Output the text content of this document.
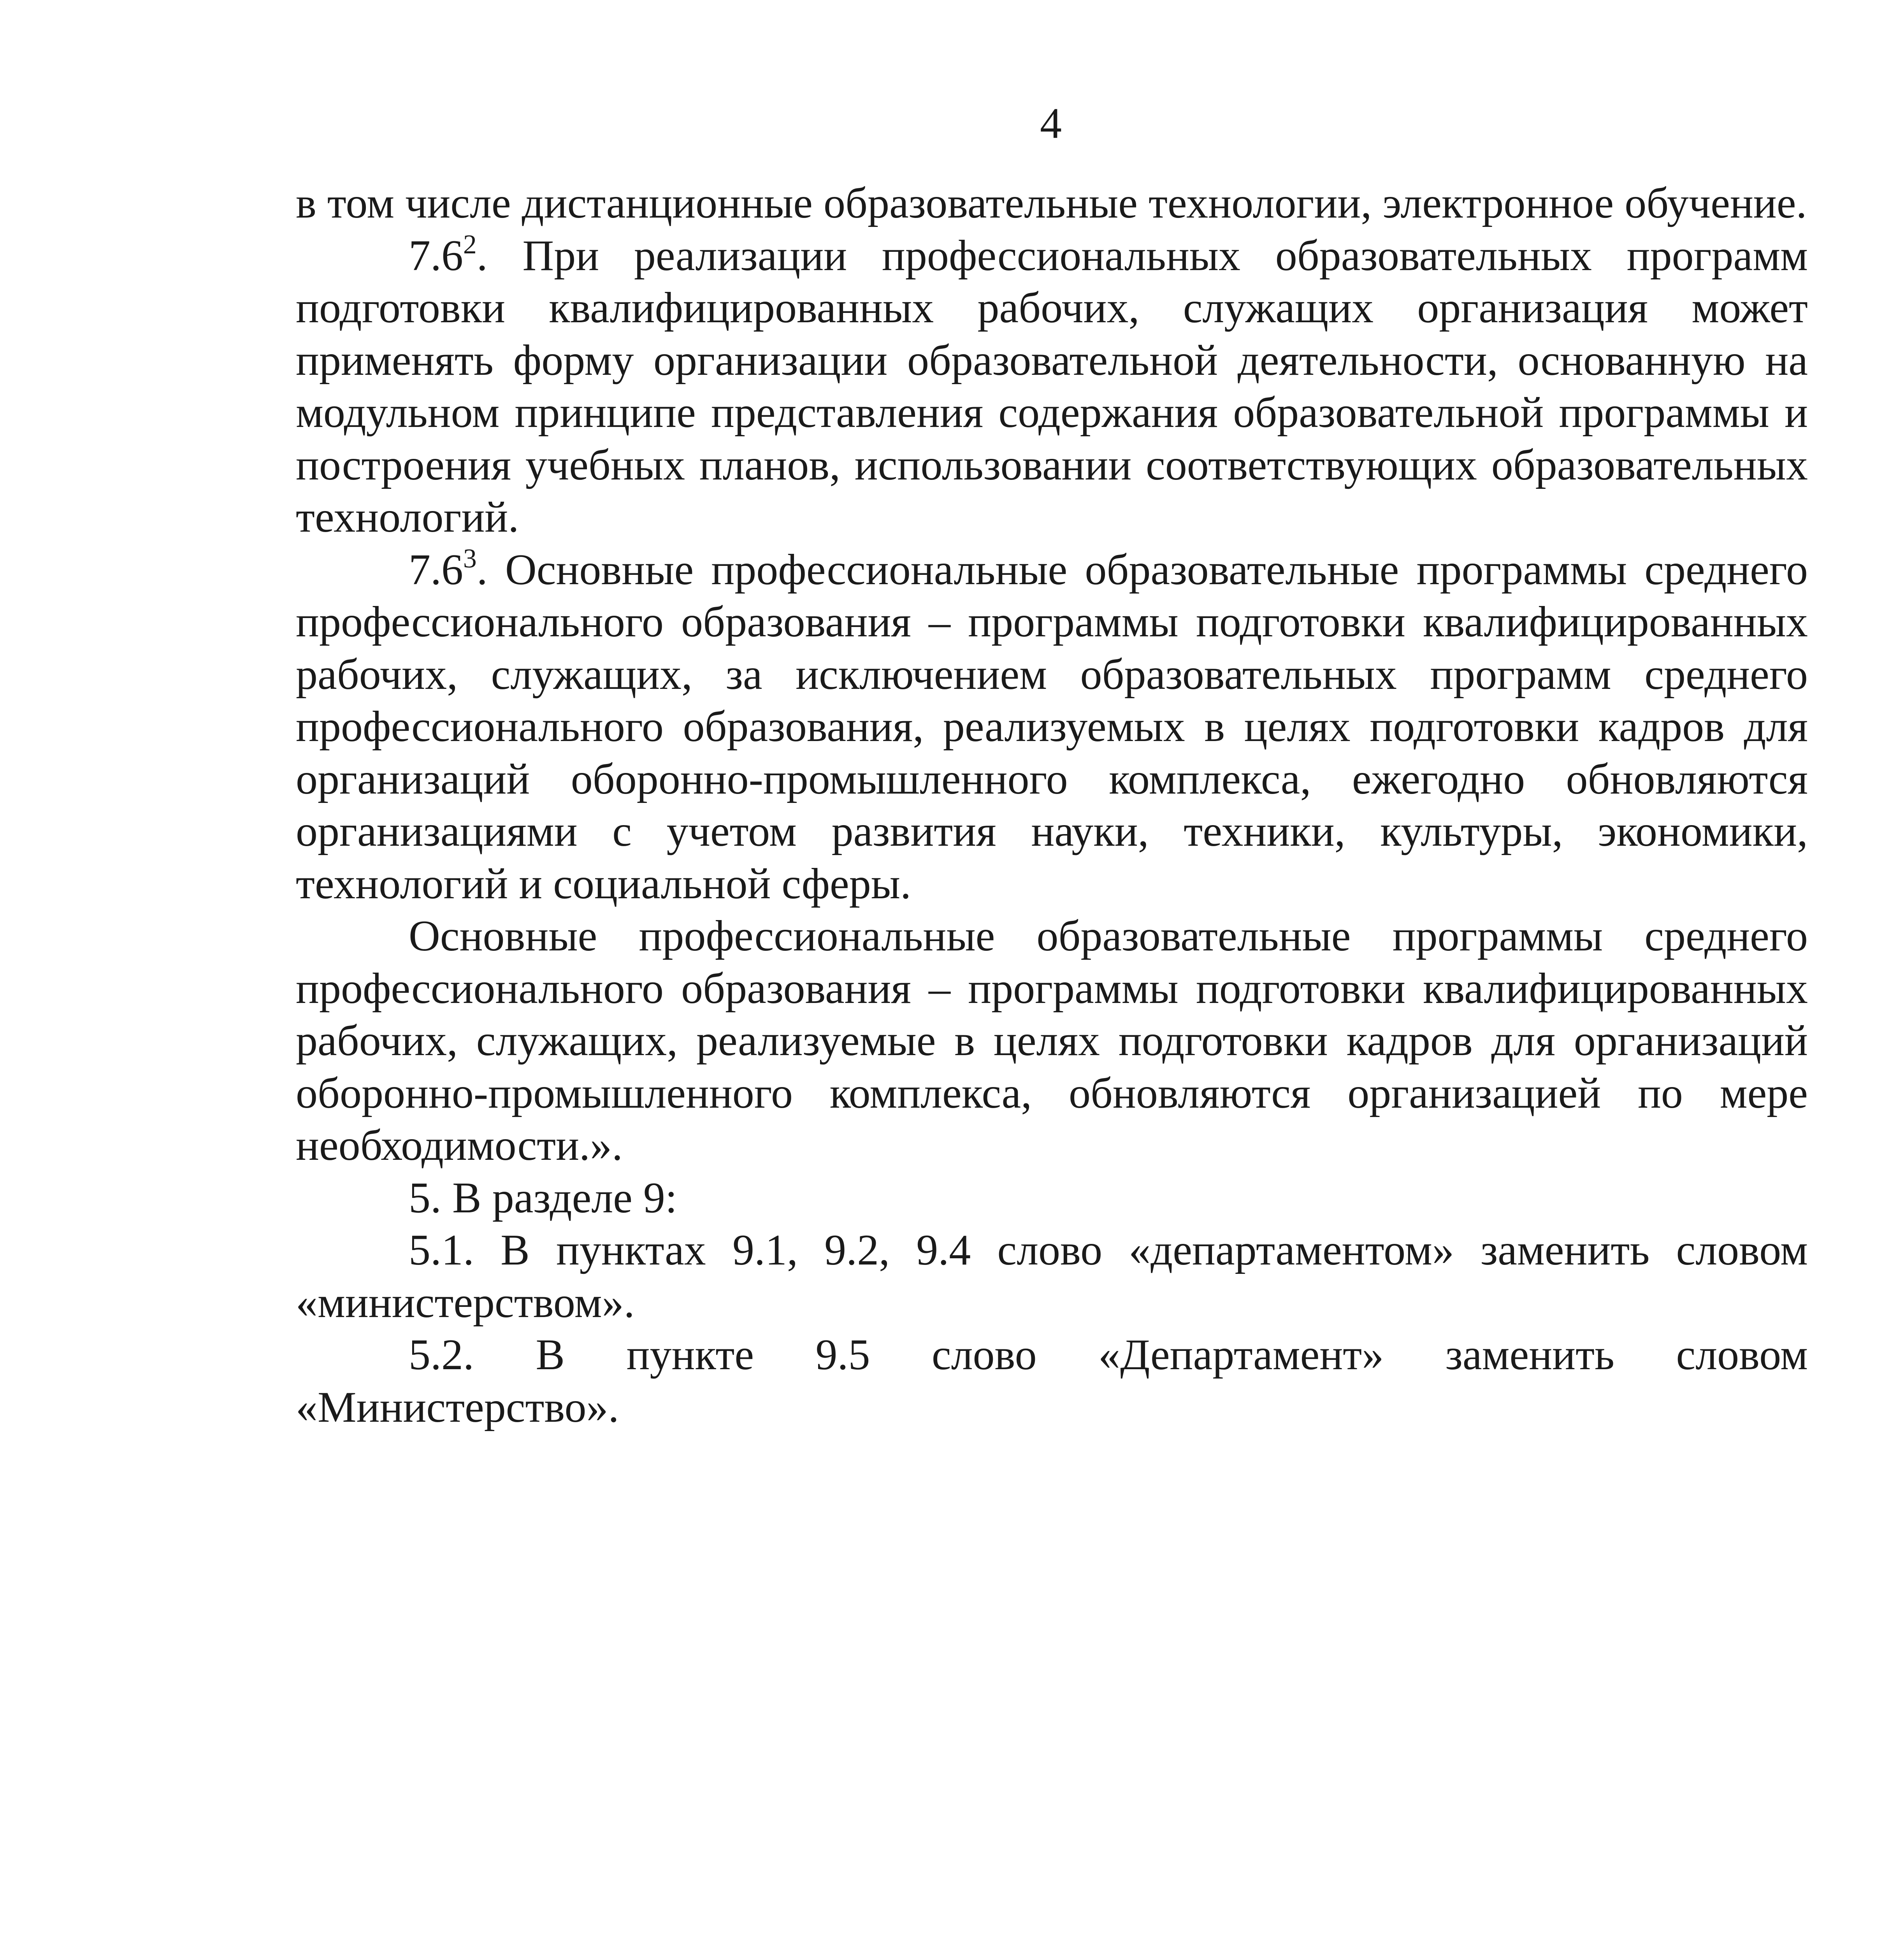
4

в том числе дистанционные образовательные технологии, электронное обучение.

$7.6^2$. При реализации профессиональных образовательных программ подготовки квалифицированных рабочих, служащих организация может применять форму организации образовательной деятельности, основанную на модульном принципе представления содержания образовательной программы и построения учебных планов, использовании соответствующих образовательных технологий.

$7.6^3$. Основные профессиональные образовательные программы среднего профессионального образования – программы подготовки квалифицированных рабочих, служащих, за исключением образовательных программ среднего профессионального образования, реализуемых в целях подготовки кадров для организаций оборонно-промышленного комплекса, ежегодно обновляются организациями с учетом развития науки, техники, культуры, экономики, технологий и социальной сферы.

Основные профессиональные образовательные программы среднего профессионального образования – программы подготовки квалифицированных рабочих, служащих, реализуемые в целях подготовки кадров для организаций оборонно-промышленного комплекса, обновляются организацией по мере необходимости.».

5. В разделе 9:

5.1. В пунктах 9.1, 9.2, 9.4 слово «департаментом» заменить словом «министерством».

5.2. В пункте 9.5 слово «Департамент» заменить словом «Министерство».
